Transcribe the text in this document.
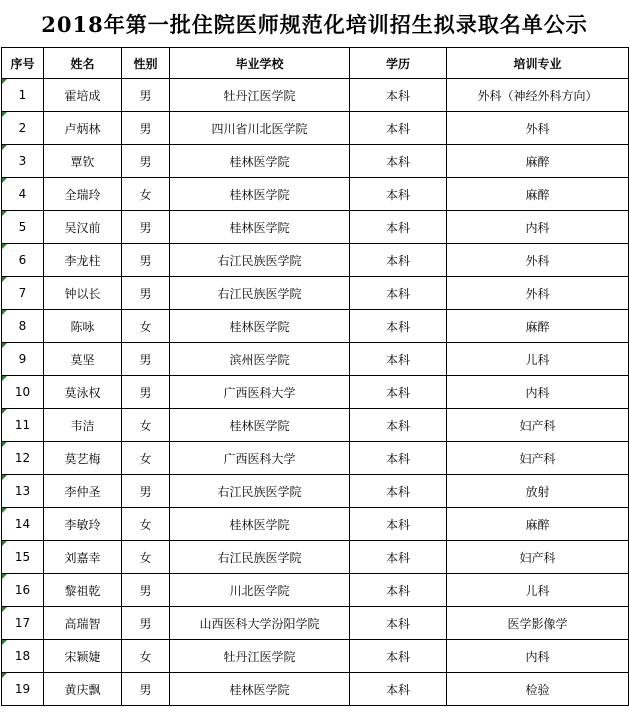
2018年第一批住院医师规范化培训招生拟录取名单公示
序号	姓名	性别	毕业学校	学历	培训专业
1	霍培成	男	牡丹江医学院	本科	外科（神经外科方向）
2	卢炳林	男	四川省川北医学院	本科	外科
3	覃钦	男	桂林医学院	本科	麻醉
4	全瑞玲	女	桂林医学院	本科	麻醉
5	吴汉前	男	桂林医学院	本科	内科
6	李龙柱	男	右江民族医学院	本科	外科
7	钟以长	男	右江民族医学院	本科	外科
8	陈咏	女	桂林医学院	本科	麻醉
9	莫坚	男	滨州医学院	本科	儿科
10	莫泳权	男	广西医科大学	本科	内科
11	韦洁	女	桂林医学院	本科	妇产科
12	莫艺梅	女	广西医科大学	本科	妇产科
13	李仲圣	男	右江民族医学院	本科	放射
14	李敏玲	女	桂林医学院	本科	麻醉
15	刘嘉幸	女	右江民族医学院	本科	妇产科
16	黎祖乾	男	川北医学院	本科	儿科
17	高瑞智	男	山西医科大学汾阳学院	本科	医学影像学
18	宋颖婕	女	牡丹江医学院	本科	内科
19	黄庆飘	男	桂林医学院	本科	检验
